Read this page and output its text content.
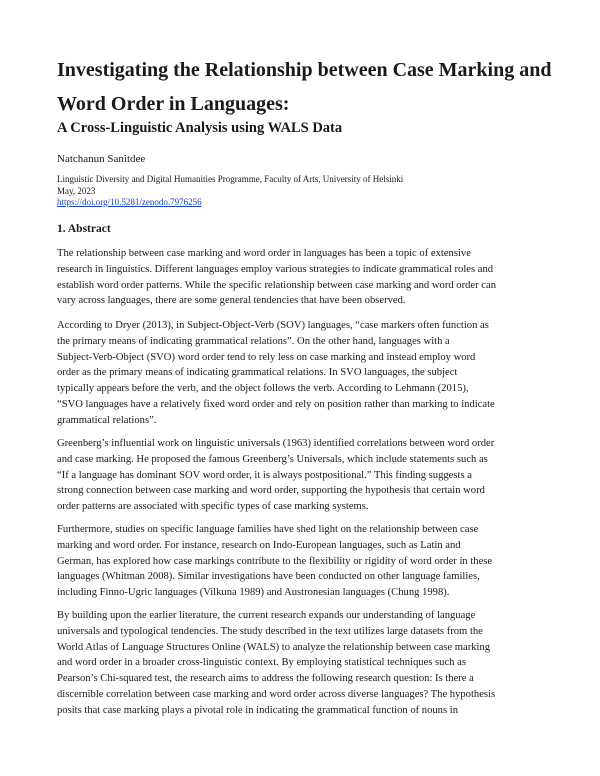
Investigating the Relationship between Case Marking and
Word Order in Languages:
A Cross-Linguistic Analysis using WALS Data

Natchanun Sanitdee

Linguistic Diversity and Digital Humanities Programme, Faculty of Arts, University of Helsinki
May, 2023
https://doi.org/10.5281/zenodo.7976256
1. Abstract
The relationship between case marking and word order in languages has been a topic of extensive
research in linguistics. Different languages employ various strategies to indicate grammatical roles and
establish word order patterns. While the specific relationship between case marking and word order can
vary across languages, there are some general tendencies that have been observed.
According to Dryer (2013), in Subject-Object-Verb (SOV) languages, “case markers often function as
the primary means of indicating grammatical relations”. On the other hand, languages with a
Subject-Verb-Object (SVO) word order tend to rely less on case marking and instead employ word
order as the primary means of indicating grammatical relations. In SVO languages, the subject
typically appears before the verb, and the object follows the verb. According to Lehmann (2015),
“SVO languages have a relatively fixed word order and rely on position rather than marking to indicate
grammatical relations”.
Greenberg’s influential work on linguistic universals (1963) identified correlations between word order
and case marking. He proposed the famous Greenberg’s Universals, which include statements such as
“If a language has dominant SOV word order, it is always postpositional.” This finding suggests a
strong connection between case marking and word order, supporting the hypothesis that certain word
order patterns are associated with specific types of case marking systems.
Furthermore, studies on specific language families have shed light on the relationship between case
marking and word order. For instance, research on Indo-European languages, such as Latin and
German, has explored how case markings contribute to the flexibility or rigidity of word order in these
languages (Whitman 2008). Similar investigations have been conducted on other language families,
including Finno-Ugric languages (Vilkuna 1989) and Austronesian languages (Chung 1998).
By building upon the earlier literature, the current research expands our understanding of language
universals and typological tendencies. The study described in the text utilizes large datasets from the
World Atlas of Language Structures Online (WALS) to analyze the relationship between case marking
and word order in a broader cross-linguistic context. By employing statistical techniques such as
Pearson’s Chi-squared test, the research aims to address the following research question: Is there a
discernible correlation between case marking and word order across diverse languages? The hypothesis
posits that case marking plays a pivotal role in indicating the grammatical function of nouns in
